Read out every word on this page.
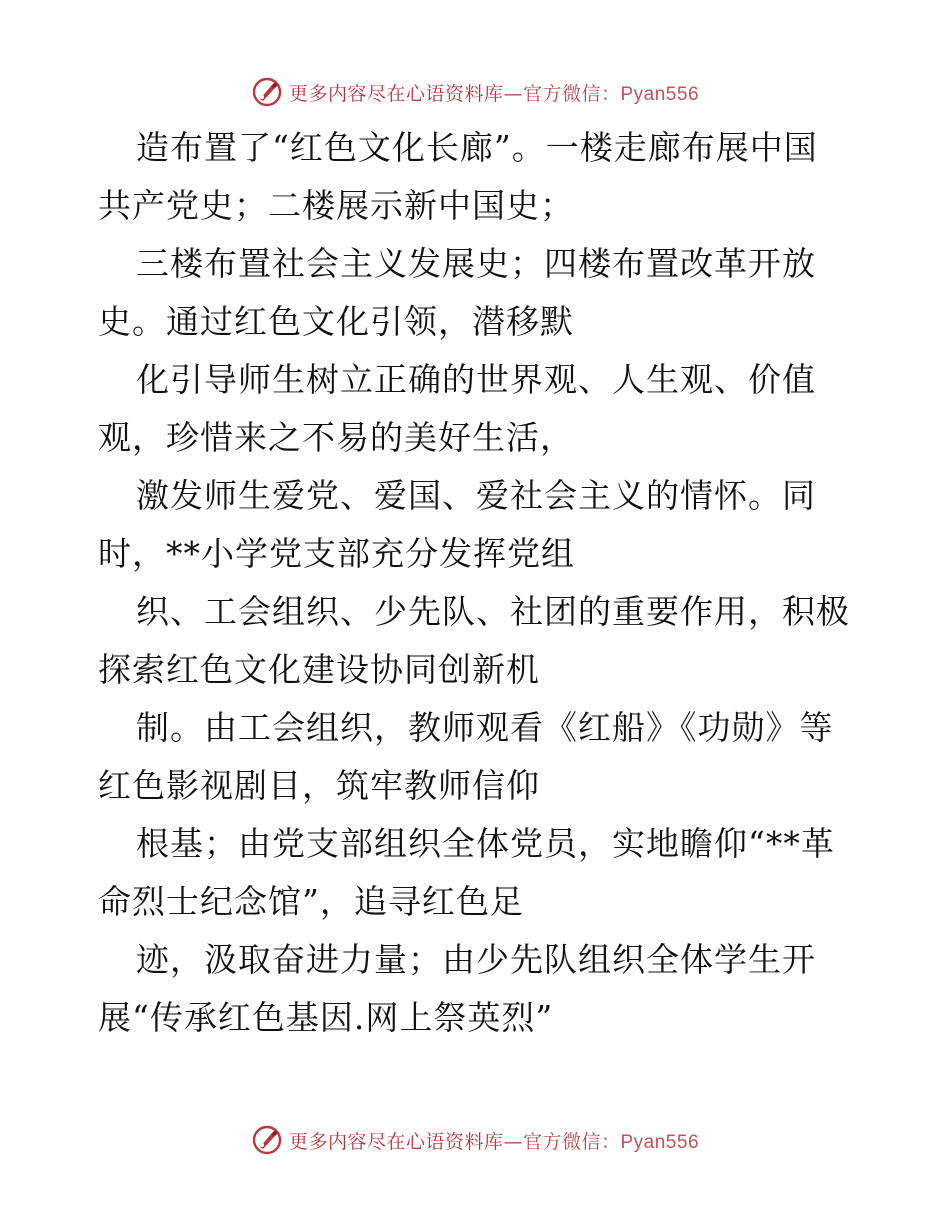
更多内容尽在心语资料库—官方微信：Pyan556
造布置了“红色文化长廊”。一楼走廊布展中国
共产党史；二楼展示新中国史；
三楼布置社会主义发展史；四楼布置改革开放
史。通过红色文化引领，潜移默
化引导师生树立正确的世界观、人生观、价值
观，珍惜来之不易的美好生活，
激发师生爱党、爱国、爱社会主义的情怀。同
时，**小学党支部充分发挥党组
织、工会组织、少先队、社团的重要作用，积极
探索红色文化建设协同创新机
制。由工会组织，教师观看《红船》《功勋》等
红色影视剧目，筑牢教师信仰
根基；由党支部组织全体党员，实地瞻仰“**革
命烈士纪念馆”，追寻红色足
迹，汲取奋进力量；由少先队组织全体学生开
展“传承红色基因.网上祭英烈”
更多内容尽在心语资料库—官方微信：Pyan556
